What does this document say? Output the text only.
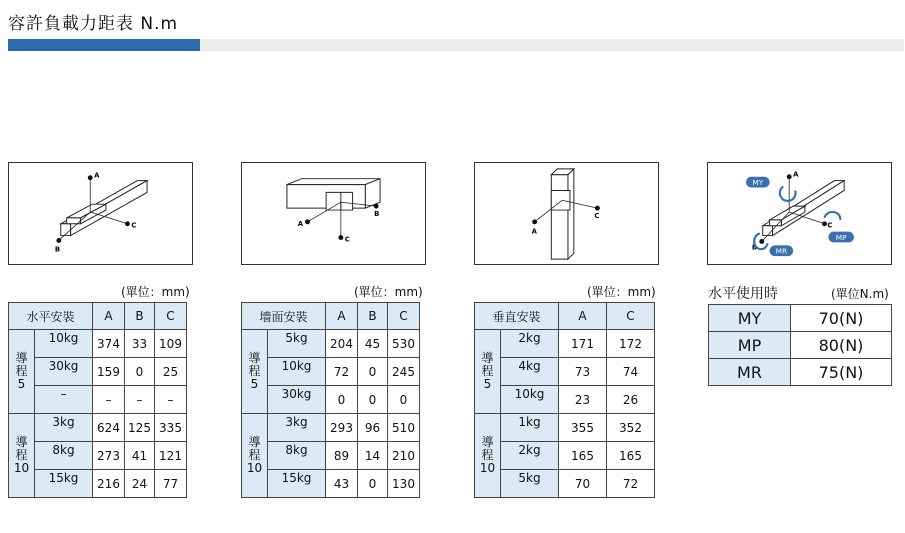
容許負載力距表 N.m
A
C
B
C
A
B	C
A
A
C
B
MY
MP
MR
(單位：mm)	(單位：mm)	(單位：mm)
水平安裝		A	B	C
導
程
5	10kg	374	33	109
	30kg	159	0	25
	–	–	–	–
導
程
10	3kg	624	125	335
	8kg	273	41	121
	15kg	216	24	77
墻面安裝		A	B	C
導
程
5	5kg	204	45	530
	10kg	72	0	245
	30kg	0	0	0
導
程
10	3kg	293	96	510
	8kg	89	14	210
	15kg	43	0	130
垂直安裝		A	C
導
程
5	2kg	171	172
	4kg	73	74
	10kg	23	26
導
程
10	1kg	355	352
	2kg	165	165
	5kg	70	72
水平使用時	(單位N.m)
MY	70(N)
MP	80(N)
MR	75(N)
